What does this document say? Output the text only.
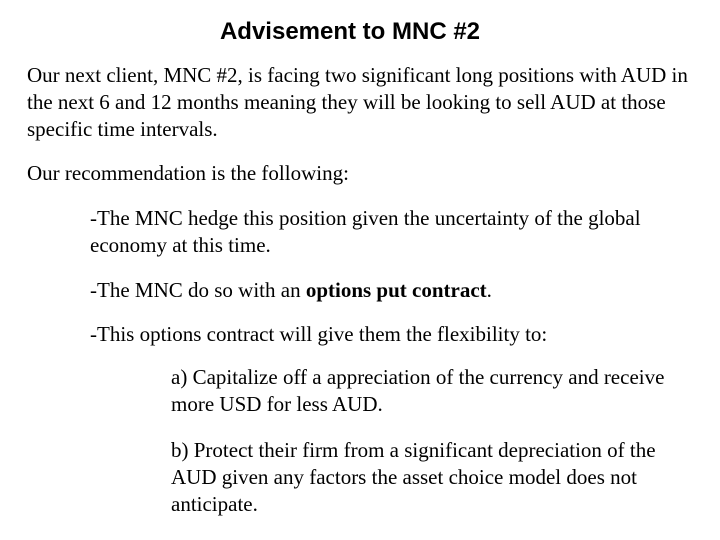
Advisement to MNC #2

Our next client, MNC #2, is facing two significant long positions with AUD in the next 6 and 12 months meaning they will be looking to sell AUD at those specific time intervals.

Our recommendation is the following:

-The MNC hedge this position given the uncertainty of the global economy at this time.

-The MNC do so with an options put contract.

-This options contract will give them the flexibility to:

a) Capitalize off a appreciation of the currency and receive more USD for less AUD.

b) Protect their firm from a significant depreciation of the AUD given any factors the asset choice model does not anticipate.
